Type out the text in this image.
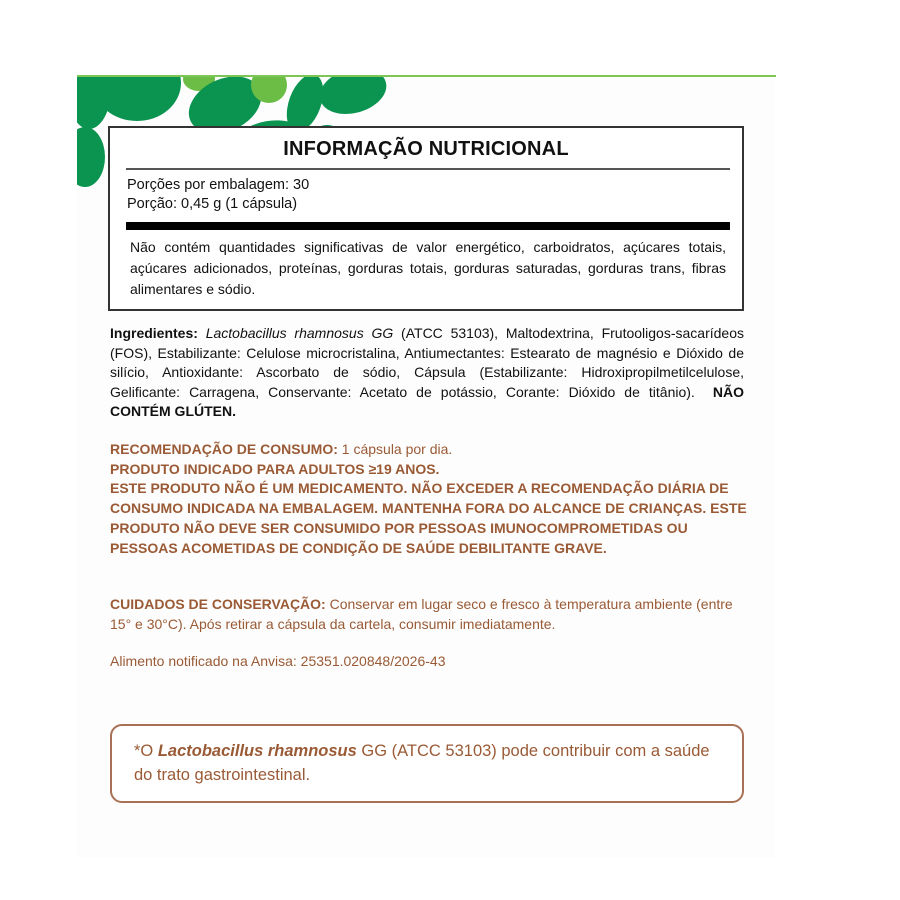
INFORMAÇÃO NUTRICIONAL
Porções por embalagem: 30
Porção: 0,45 g (1 cápsula)
Não contém quantidades significativas de valor energético, carboidratos, açúcares totais, açúcares adicionados, proteínas, gorduras totais, gorduras saturadas, gorduras trans, fibras alimentares e sódio.
Ingredientes: Lactobacillus rhamnosus GG (ATCC 53103), Maltodextrina, Frutooligos-sacarídeos (FOS), Estabilizante: Celulose microcristalina, Antiumectantes: Estearato de magnésio e Dióxido de silício, Antioxidante: Ascorbato de sódio, Cápsula (Estabilizante: Hidroxipropilmetilcelulose, Gelificante: Carragena, Conservante: Acetato de potássio, Corante: Dióxido de titânio). NÃO CONTÉM GLÚTEN.
RECOMENDAÇÃO DE CONSUMO: 1 cápsula por dia.
PRODUTO INDICADO PARA ADULTOS ≥19 ANOS.
ESTE PRODUTO NÃO É UM MEDICAMENTO. NÃO EXCEDER A RECOMENDAÇÃO DIÁRIA DE CONSUMO INDICADA NA EMBALAGEM. MANTENHA FORA DO ALCANCE DE CRIANÇAS. ESTE PRODUTO NÃO DEVE SER CONSUMIDO POR PESSOAS IMUNOCOMPROMETIDAS OU PESSOAS ACOMETIDAS DE CONDIÇÃO DE SAÚDE DEBILITANTE GRAVE.
CUIDADOS DE CONSERVAÇÃO: Conservar em lugar seco e fresco à temperatura ambiente (entre 15° e 30°C). Após retirar a cápsula da cartela, consumir imediatamente.
Alimento notificado na Anvisa: 25351.020848/2026-43
*O Lactobacillus rhamnosus GG (ATCC 53103) pode contribuir com a saúde do trato gastrointestinal.
